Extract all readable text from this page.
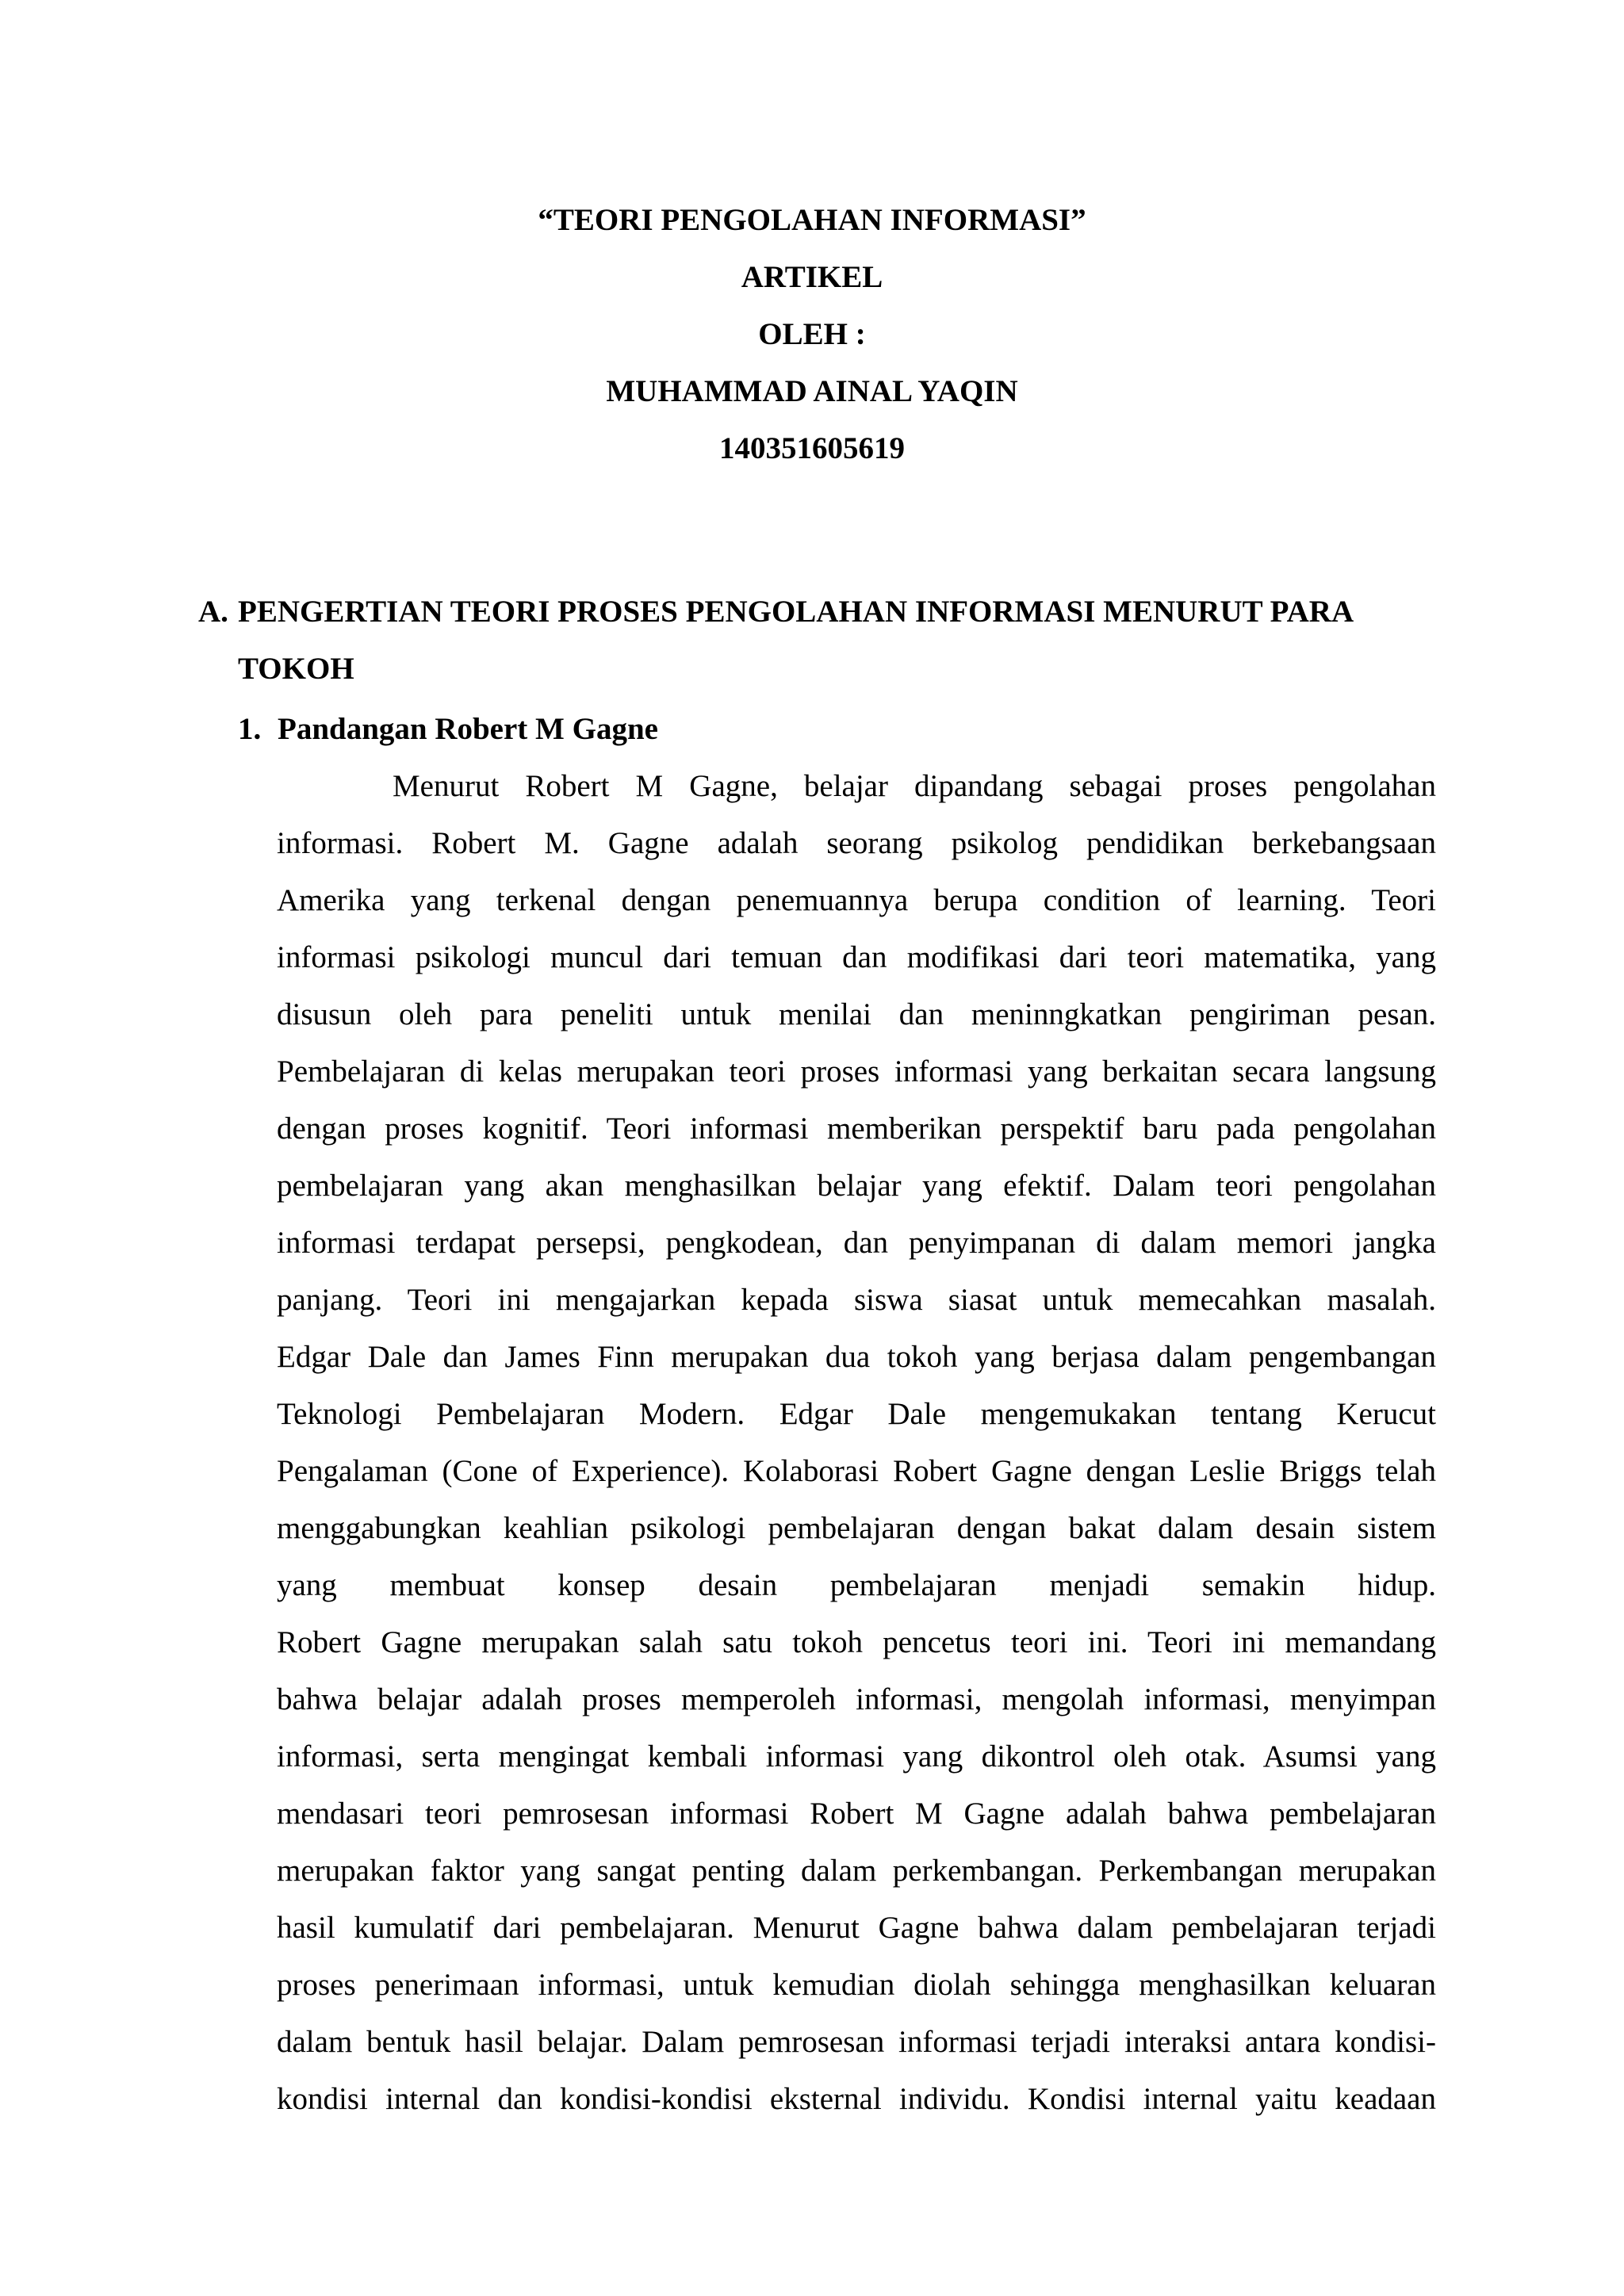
“TEORI PENGOLAHAN INFORMASI”
ARTIKEL
OLEH :
MUHAMMAD AINAL YAQIN
140351605619
A. PENGERTIAN TEORI PROSES PENGOLAHAN INFORMASI MENURUT PARA
TOKOH
1. Pandangan Robert M Gagne
Menurut Robert M Gagne, belajar dipandang sebagai proses pengolahan
informasi. Robert M. Gagne adalah seorang psikolog pendidikan berkebangsaan
Amerika yang terkenal dengan penemuannya berupa condition of learning. Teori
informasi psikologi muncul dari temuan dan modifikasi dari teori matematika, yang
disusun oleh para peneliti untuk menilai dan meninngkatkan pengiriman pesan.
Pembelajaran di kelas merupakan teori proses informasi yang berkaitan secara langsung
dengan proses kognitif. Teori informasi memberikan perspektif baru pada pengolahan
pembelajaran yang akan menghasilkan belajar yang efektif. Dalam teori pengolahan
informasi terdapat persepsi, pengkodean, dan penyimpanan di dalam memori jangka
panjang. Teori ini mengajarkan kepada siswa siasat untuk memecahkan masalah.
Edgar Dale dan James Finn merupakan dua tokoh yang berjasa dalam pengembangan
Teknologi Pembelajaran Modern. Edgar Dale mengemukakan tentang Kerucut
Pengalaman (Cone of Experience). Kolaborasi Robert Gagne dengan Leslie Briggs telah
menggabungkan keahlian psikologi pembelajaran dengan bakat dalam desain sistem
yang membuat konsep desain pembelajaran menjadi semakin hidup.
Robert Gagne merupakan salah satu tokoh pencetus teori ini. Teori ini memandang
bahwa belajar adalah proses memperoleh informasi, mengolah informasi, menyimpan
informasi, serta mengingat kembali informasi yang dikontrol oleh otak. Asumsi yang
mendasari teori pemrosesan informasi Robert M Gagne adalah bahwa pembelajaran
merupakan faktor yang sangat penting dalam perkembangan. Perkembangan merupakan
hasil kumulatif dari pembelajaran. Menurut Gagne bahwa dalam pembelajaran terjadi
proses penerimaan informasi, untuk kemudian diolah sehingga menghasilkan keluaran
dalam bentuk hasil belajar. Dalam pemrosesan informasi terjadi interaksi antara kondisi-
kondisi internal dan kondisi-kondisi eksternal individu. Kondisi internal yaitu keadaan
